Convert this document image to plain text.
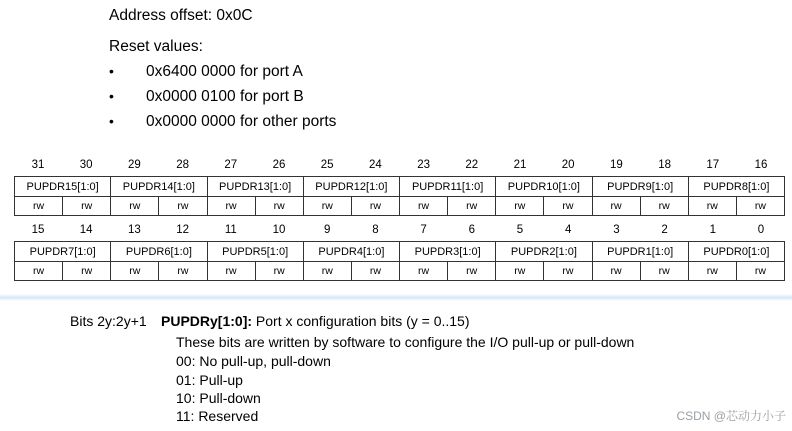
Address offset: 0x0C
Reset values:
• 0x6400 0000 for port A
• 0x0000 0100 for port B
• 0x0000 0000 for other ports
31	30	29	28	27	26	25	24	23	22	21	20	19	18	17	16
PUPDR15[1:0]		PUPDR14[1:0]		PUPDR13[1:0]		PUPDR12[1:0]		PUPDR11[1:0]		PUPDR10[1:0]		PUPDR9[1:0]		PUPDR8[1:0]	
rw	rw	rw	rw	rw	rw	rw	rw	rw	rw	rw	rw	rw	rw	rw	rw
15	14	13	12	11	10	9	8	7	6	5	4	3	2	1	0
PUPDR7[1:0]		PUPDR6[1:0]		PUPDR5[1:0]		PUPDR4[1:0]		PUPDR3[1:0]		PUPDR2[1:0]		PUPDR1[1:0]		PUPDR0[1:0]	
rw	rw	rw	rw	rw	rw	rw	rw	rw	rw	rw	rw	rw	rw	rw	rw
Bits 2y:2y+1 PUPDRy[1:0]: Port x configuration bits (y = 0..15)
These bits are written by software to configure the I/O pull-up or pull-down
00: No pull-up, pull-down
01: Pull-up
10: Pull-down
11: Reserved	CSDN @芯动力小子
